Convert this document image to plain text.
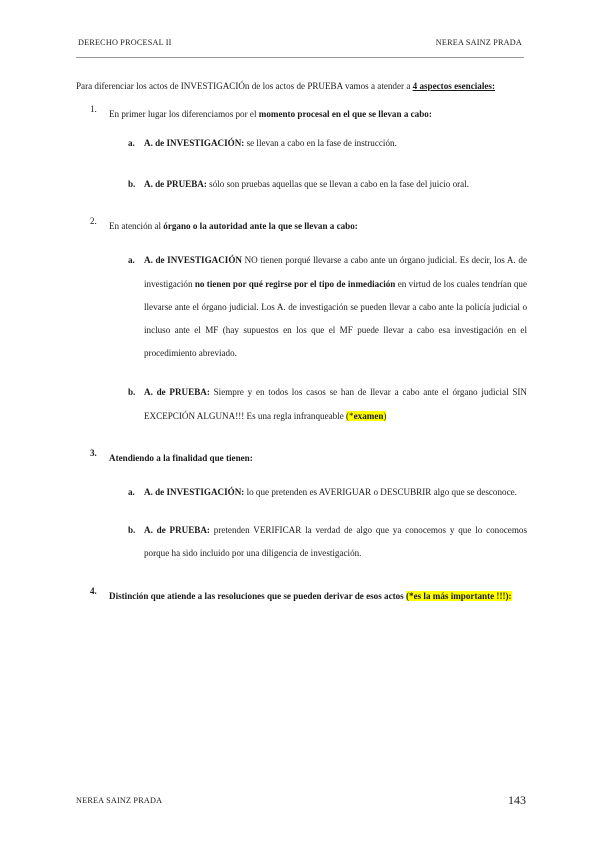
DERECHO PROCESAL II	NEREA SAINZ PRADA

Para diferenciar los actos de INVESTIGACIÓn de los actos de PRUEBA vamos a atender a 4 aspectos esenciales:

1.	En primer lugar los diferenciamos por el momento procesal en el que se llevan a cabo:
a. A. de INVESTIGACIÓN: se llevan a cabo en la fase de instrucción.
b. A. de PRUEBA: sólo son pruebas aquellas que se llevan a cabo en la fase del juicio oral.
2.	En atención al órgano o la autoridad ante la que se llevan a cabo:
a. A. de INVESTIGACIÓN NO tienen porqué llevarse a cabo ante un órgano judicial. Es decir, los A. de investigación no tienen por qué regirse por el tipo de inmediación en virtud de los cuales tendrían que llevarse ante el órgano judicial. Los A. de investigación se pueden llevar a cabo ante la policía judicial o incluso ante el MF (hay supuestos en los que el MF puede llevar a cabo esa investigación en el procedimiento abreviado.
b. A. de PRUEBA: Siempre y en todos los casos se han de llevar a cabo ante el órgano judicial SIN EXCEPCIÓN ALGUNA!!! Es una regla infranqueable (*examen)
3.	Atendiendo a la finalidad que tienen:
a. A. de INVESTIGACIÓN: lo que pretenden es AVERIGUAR o DESCUBRIR algo que se desconoce.
b. A. de PRUEBA: pretenden VERIFICAR la verdad de algo que ya conocemos y que lo conocemos porque ha sido incluido por una diligencia de investigación.
4.	Distinción que atiende a las resoluciones que se pueden derivar de esos actos (*es la más importante !!!):
NEREA SAINZ PRADA	143
